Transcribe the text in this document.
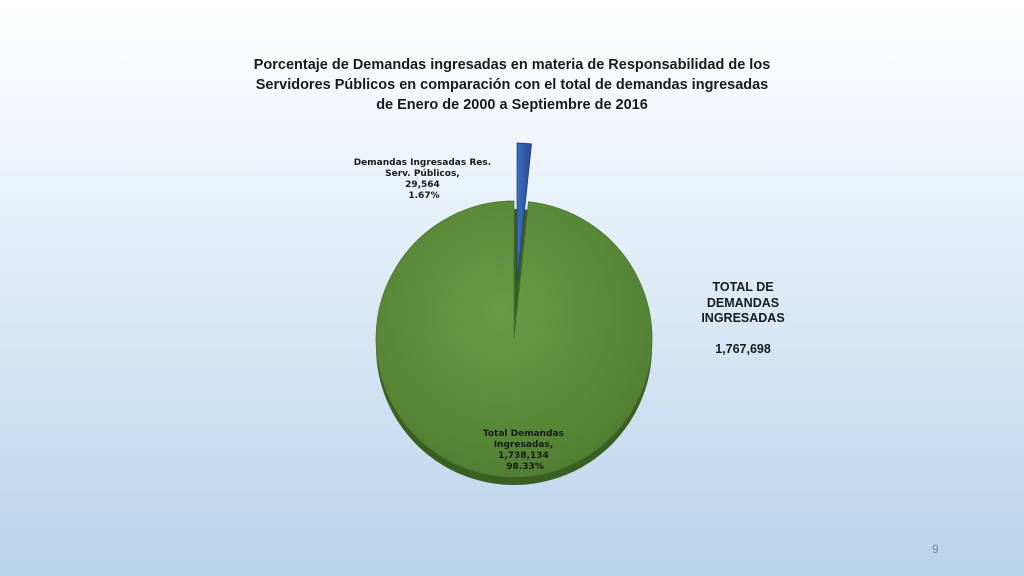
Porcentaje de Demandas ingresadas en materia de Responsabilidad de los
Servidores Públicos en comparación con el total de demandas ingresadas
de Enero de 2000 a Septiembre de 2016
Demandas Ingresadas Res. Serv. Públicos, 29,564 1.67%
Total Demandas Ingresadas, 1,738,134 98.33%
TOTAL DE
DEMANDAS
INGRESADAS
1,767,698
9
